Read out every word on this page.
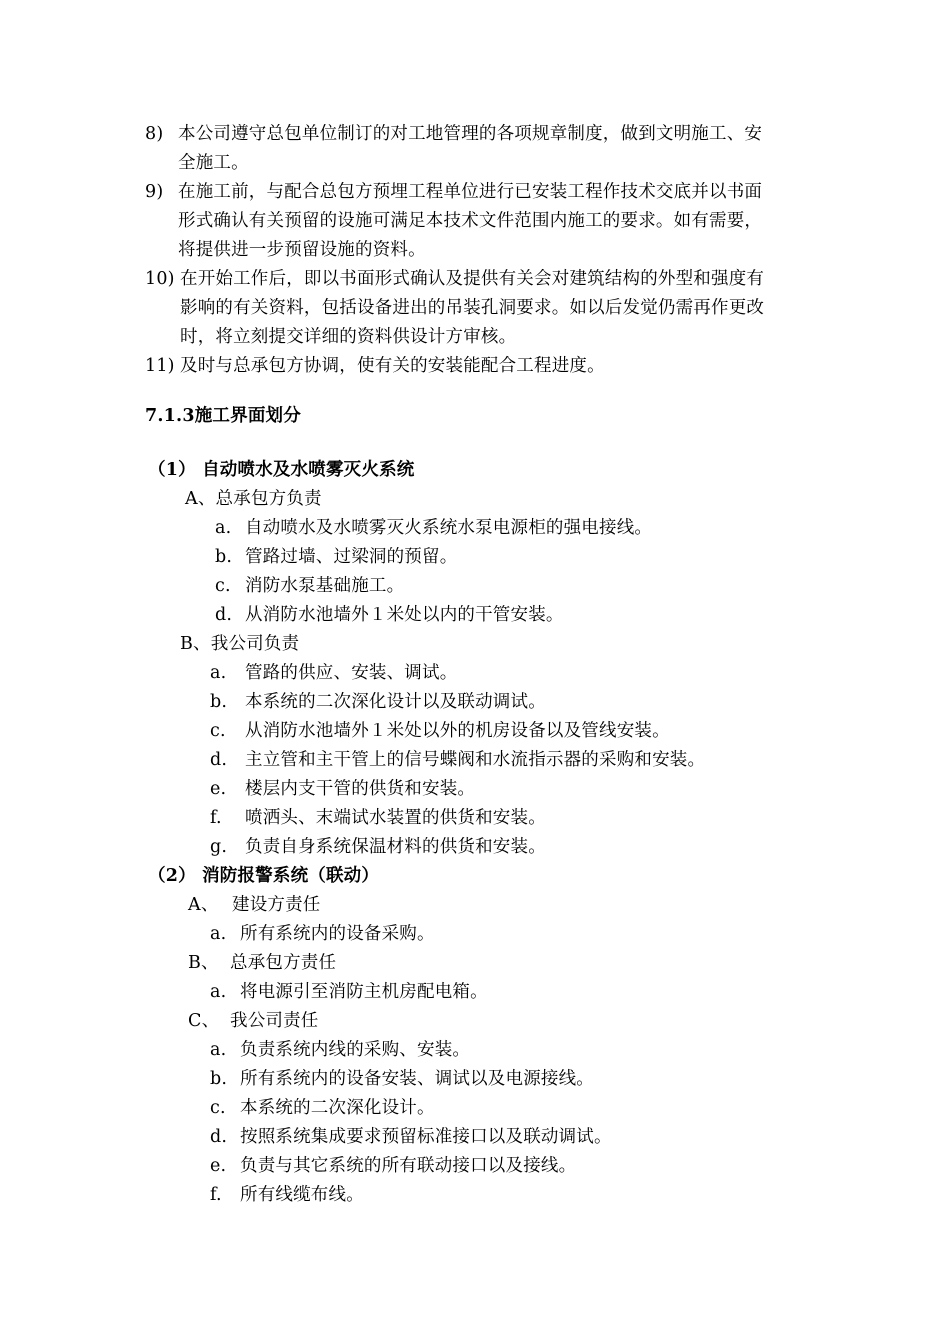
8) 本公司遵守总包单位制订的对工地管理的各项规章制度，做到文明施工、安
全施工。
9) 在施工前，与配合总包方预埋工程单位进行已安装工程作技术交底并以书面
形式确认有关预留的设施可满足本技术文件范围内施工的要求。如有需要，
将提供进一步预留设施的资料。
10) 在开始工作后，即以书面形式确认及提供有关会对建筑结构的外型和强度有
影响的有关资料，包括设备进出的吊装孔洞要求。如以后发觉仍需再作更改
时，将立刻提交详细的资料供设计方审核。
11) 及时与总承包方协调，使有关的安装能配合工程进度。
7.1.3施工界面划分
（1） 自动喷水及水喷雾灭火系统
A、总承包方负责
a. 自动喷水及水喷雾灭火系统水泵电源柜的强电接线。
b. 管路过墙、过梁洞的预留。
c. 消防水泵基础施工。
d. 从消防水池墙外１米处以内的干管安装。
B、我公司负责
a. 管路的供应、安装、调试。
b. 本系统的二次深化设计以及联动调试。
c. 从消防水池墙外１米处以外的机房设备以及管线安装。
d. 主立管和主干管上的信号蝶阀和水流指示器的采购和安装。
e. 楼层内支干管的供货和安装。
f. 喷洒头、末端试水装置的供货和安装。
g. 负责自身系统保温材料的供货和安装。
（2） 消防报警系统（联动）
A、 建设方责任
a. 所有系统内的设备采购。
B、 总承包方责任
a. 将电源引至消防主机房配电箱。
C、 我公司责任
a. 负责系统内线的采购、安装。
b. 所有系统内的设备安装、调试以及电源接线。
c. 本系统的二次深化设计。
d. 按照系统集成要求预留标准接口以及联动调试。
e. 负责与其它系统的所有联动接口以及接线。
f. 所有线缆布线。
